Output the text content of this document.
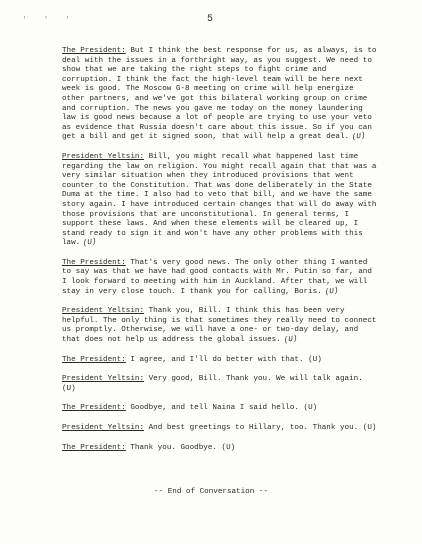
' ' '	5

The President: But I think the best response for us, as always, is to deal with the issues in a forthright way, as you suggest. We need to show that we are taking the right steps to fight crime and corruption. I think the fact the high-level team will be here next week is good. The Moscow G-8 meeting on crime will help energize other partners, and we've got this bilateral working group on crime and corruption. The news you gave me today on the money laundering law is good news because a lot of people are trying to use your veto as evidence that Russia doesn't care about this issue. So if you can get a bill and get it signed soon, that will help a great deal. (U)

President Yeltsin: Bill, you might recall what happened last time regarding the law on religion. You might recall again that that was a very similar situation when they introduced provisions that went counter to the Constitution. That was done deliberately in the State Duma at the time. I also had to veto that bill, and we have the same story again. I have introduced certain changes that will do away with those provisions that are unconstitutional. In general terms, I support these laws. And when these elements will be cleared up, I stand ready to sign it and won't have any other problems with this law. (U)

The President: That's very good news. The only other thing I wanted to say was that we have had good contacts with Mr. Putin so far, and I look forward to meeting with him in Auckland. After that, we will stay in very close touch. I thank you for calling, Boris. (U)

President Yeltsin: Thank you, Bill. I think this has been very helpful. The only thing is that sometimes they really need to connect us promptly. Otherwise, we will have a one- or two-day delay, and that does not help us address the global issues. (U)

The President: I agree, and I'll do better with that. (U)

President Yeltsin: Very good, Bill. Thank you. We will talk again. (U)

The President: Goodbye, and tell Naina I said hello. (U)

President Yeltsin: And best greetings to Hillary, too. Thank you. (U)

The President: Thank you. Goodbye. (U)

-- End of Conversation --
